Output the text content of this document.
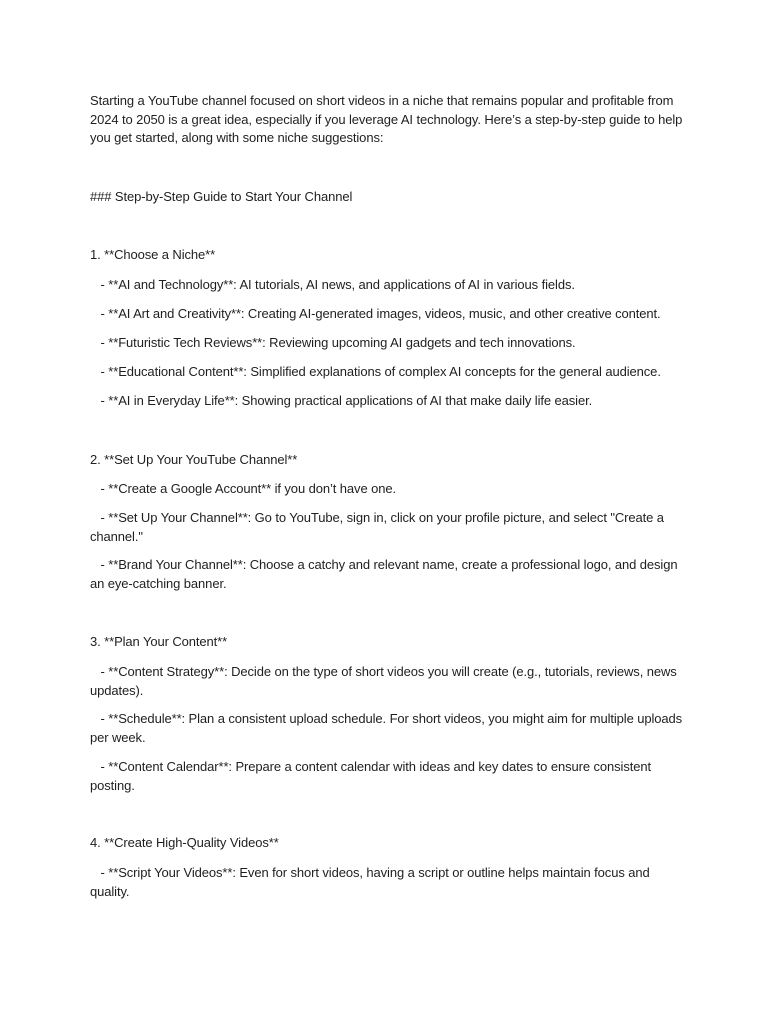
Starting a YouTube channel focused on short videos in a niche that remains popular and profitable from 2024 to 2050 is a great idea, especially if you leverage AI technology. Here’s a step-by-step guide to help you get started, along with some niche suggestions:

### Step-by-Step Guide to Start Your Channel

1. **Choose a Niche**

- **AI and Technology**: AI tutorials, AI news, and applications of AI in various fields.

- **AI Art and Creativity**: Creating AI-generated images, videos, music, and other creative content.

- **Futuristic Tech Reviews**: Reviewing upcoming AI gadgets and tech innovations.

- **Educational Content**: Simplified explanations of complex AI concepts for the general audience.

- **AI in Everyday Life**: Showing practical applications of AI that make daily life easier.

2. **Set Up Your YouTube Channel**

- **Create a Google Account** if you don’t have one.

- **Set Up Your Channel**: Go to YouTube, sign in, click on your profile picture, and select "Create a channel."

- **Brand Your Channel**: Choose a catchy and relevant name, create a professional logo, and design an eye-catching banner.

3. **Plan Your Content**

- **Content Strategy**: Decide on the type of short videos you will create (e.g., tutorials, reviews, news updates).

- **Schedule**: Plan a consistent upload schedule. For short videos, you might aim for multiple uploads per week.

- **Content Calendar**: Prepare a content calendar with ideas and key dates to ensure consistent posting.

4. **Create High-Quality Videos**

- **Script Your Videos**: Even for short videos, having a script or outline helps maintain focus and quality.
